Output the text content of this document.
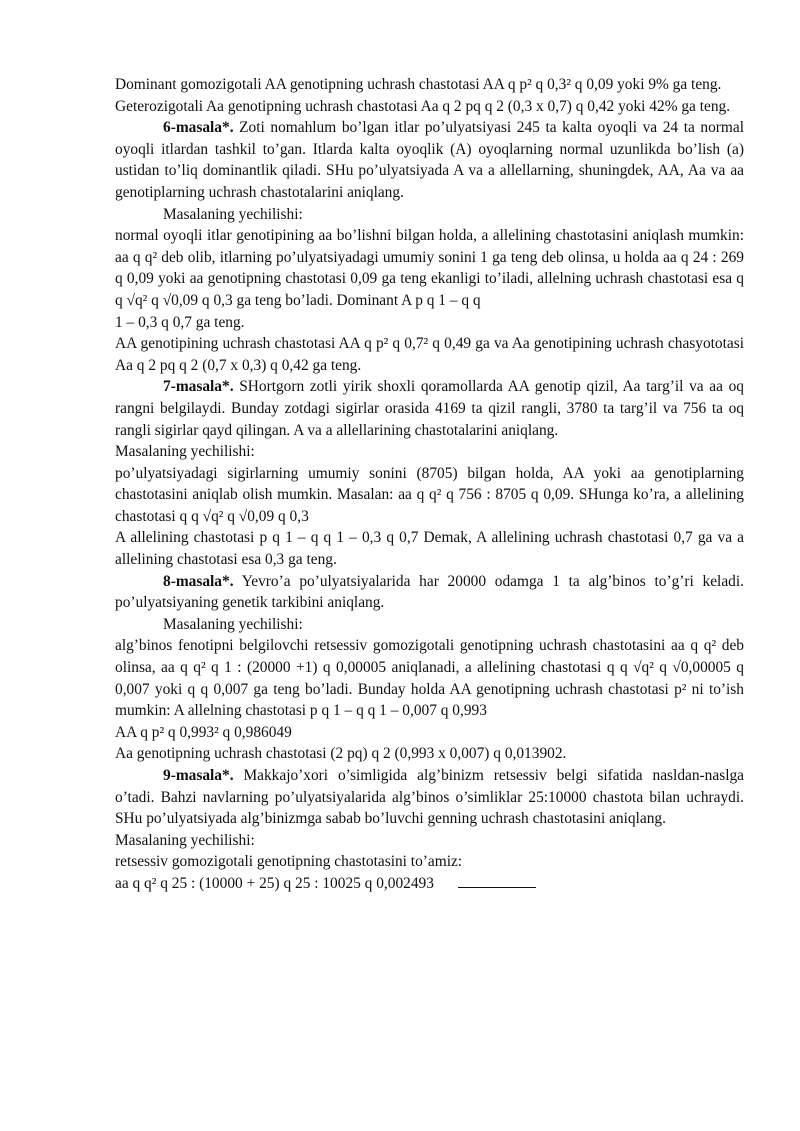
Dominant gomozigotali AA genotipning uchrash chastotasi AA q p² q 0,3² q 0,09 yoki 9% ga teng.

Geterozigotali Aa genotipning uchrash chastotasi Aa q 2 pq q 2 (0,3 x 0,7) q 0,42 yoki 42% ga teng.

6-masala*. Zoti nomahlum bo’lgan itlar po’ulyatsiyasi 245 ta kalta oyoqli va 24 ta normal oyoqli itlardan tashkil to’gan. Itlarda kalta oyoqlik (A) oyoqlarning normal uzunlikda bo’lish (a) ustidan to’liq dominantlik qiladi. SHu po’ulyatsiyada A va a allellarning, shuningdek, AA, Aa va aa genotiplarning uchrash chastotalarini aniqlang.

Masalaning yechilishi:

normal oyoqli itlar genotipining aa bo’lishni bilgan holda, a allelining chastotasini aniqlash mumkin: aa q q² deb olib, itlarning po’ulyatsiyadagi umumiy sonini 1 ga teng deb olinsa, u holda aa q 24 : 269 q 0,09 yoki aa genotipning chastotasi 0,09 ga teng ekanligi to’iladi, allelning uchrash chastotasi esa q q √q² q √0,09 q 0,3 ga teng bo’ladi. Dominant A p q 1 – q q

1 – 0,3 q 0,7 ga teng.

AA genotipining uchrash chastotasi AA q p² q 0,7² q 0,49 ga va Aa genotipining uchrash chasyototasi Aa q 2 pq q 2 (0,7 x 0,3) q 0,42 ga teng.

7-masala*. SHortgorn zotli yirik shoxli qoramollarda AA genotip qizil, Aa targ’il va aa oq rangni belgilaydi. Bunday zotdagi sigirlar orasida 4169 ta qizil rangli, 3780 ta targ’il va 756 ta oq rangli sigirlar qayd qilingan. A va a allellarining chastotalarini aniqlang.

Masalaning yechilishi:

po’ulyatsiyadagi sigirlarning umumiy sonini (8705) bilgan holda, AA yoki aa genotiplarning chastotasini aniqlab olish mumkin. Masalan: aa q q² q 756 : 8705 q 0,09. SHunga ko’ra, a allelining chastotasi q q √q² q √0,09 q 0,3

A allelining chastotasi p q 1 – q q 1 – 0,3 q 0,7 Demak, A allelining uchrash chastotasi 0,7 ga va a allelining chastotasi esa 0,3 ga teng.

8-masala*. Yevro’a po’ulyatsiyalarida har 20000 odamga 1 ta alg’binos to’g’ri keladi. po’ulyatsiyaning genetik tarkibini aniqlang.

Masalaning yechilishi:

alg’binos fenotipni belgilovchi retsessiv gomozigotali genotipning uchrash chastotasini aa q q² deb olinsa, aa q q² q 1 : (20000 +1) q 0,00005 aniqlanadi, a allelining chastotasi q q √q² q √0,00005 q 0,007 yoki q q 0,007 ga teng bo’ladi. Bunday holda AA genotipning uchrash chastotasi p² ni to’ish mumkin: A allelning chastotasi p q 1 – q q 1 – 0,007 q 0,993

AA q p² q 0,993² q 0,986049

Aa genotipning uchrash chastotasi (2 pq) q 2 (0,993 x 0,007) q 0,013902.

9-masala*. Makkajo’xori o’simligida alg’binizm retsessiv belgi sifatida nasldan-naslga o’tadi. Bahzi navlarning po’ulyatsiyalarida alg’binos o’simliklar 25:10000 chastota bilan uchraydi. SHu po’ulyatsiyada alg’binizmga sabab bo’luvchi genning uchrash chastotasini aniqlang.

Masalaning yechilishi:

retsessiv gomozigotali genotipning chastotasini to’amiz:

aa q q² q 25 : (10000 + 25) q 25 : 10025 q 0,002493
